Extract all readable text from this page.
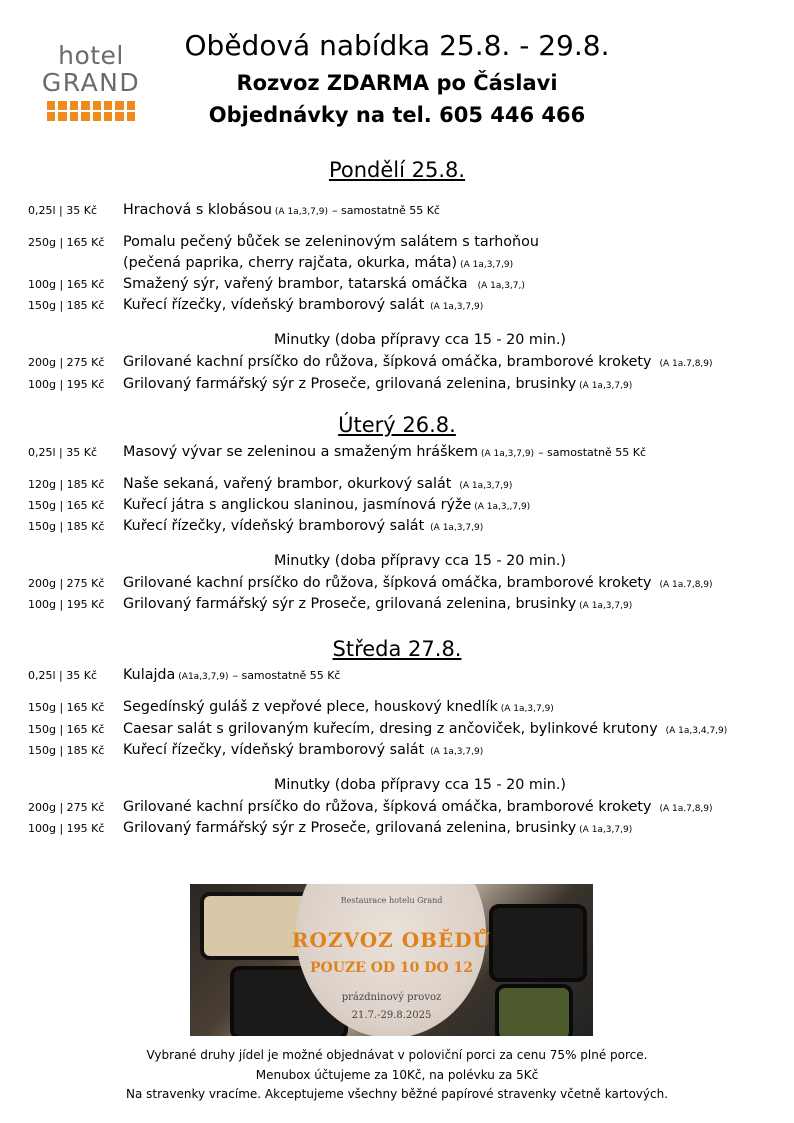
hotel
GRAND
Obědová nabídka 25.8. - 29.8.
Rozvoz ZDARMA po Čáslavi
Objednávky na tel. 605 446 466
Pondělí 25.8.
0,25l | 35 Kč Hrachová s klobásou (A 1a,3,7,9) – samostatně 55 Kč
250g | 165 Kč Pomalu pečený bůček se zeleninovým salátem s tarhoňou
(pečená paprika, cherry rajčata, okurka, máta) (A 1a,3,7,9)
100g | 165 Kč Smažený sýr, vařený brambor, tatarská omáčka (A 1a,3,7,)
150g | 185 Kč Kuřecí řízečky, vídeňský bramborový salát (A 1a,3,7,9)
Minutky (doba přípravy cca 15 - 20 min.)
200g | 275 Kč Grilované kachní prsíčko do růžova, šípková omáčka, bramborové krokety (A 1a.7,8,9)
100g | 195 Kč Grilovaný farmářský sýr z Proseče, grilovaná zelenina, brusinky (A 1a,3,7,9)
Úterý 26.8.
0,25l | 35 Kč Masový vývar se zeleninou a smaženým hráškem (A 1a,3,7,9) – samostatně 55 Kč
120g | 185 Kč Naše sekaná, vařený brambor, okurkový salát (A 1a,3,7,9)
150g | 165 Kč Kuřecí játra s anglickou slaninou, jasmínová rýže (A 1a,3,,7,9)
150g | 185 Kč Kuřecí řízečky, vídeňský bramborový salát (A 1a,3,7,9)
Minutky (doba přípravy cca 15 - 20 min.)
200g | 275 Kč Grilované kachní prsíčko do růžova, šípková omáčka, bramborové krokety (A 1a.7,8,9)
100g | 195 Kč Grilovaný farmářský sýr z Proseče, grilovaná zelenina, brusinky (A 1a,3,7,9)
Středa 27.8.
0,25l | 35 Kč Kulajda (A1a,3,7,9) – samostatně 55 Kč
150g | 165 Kč Segedínský guláš z vepřové plece, houskový knedlík (A 1a,3,7,9)
150g | 165 Kč Caesar salát s grilovaným kuřecím, dresing z ančoviček, bylinkové krutony (A 1a,3,4,7,9)
150g | 185 Kč Kuřecí řízečky, vídeňský bramborový salát (A 1a,3,7,9)
Minutky (doba přípravy cca 15 - 20 min.)
200g | 275 Kč Grilované kachní prsíčko do růžova, šípková omáčka, bramborové krokety (A 1a.7,8,9)
100g | 195 Kč Grilovaný farmářský sýr z Proseče, grilovaná zelenina, brusinky (A 1a,3,7,9)
Restaurace hotelu Grand
ROZVOZ OBĚDŮ
POUZE OD 10 DO 12
prázdninový provoz
21.7.-29.8.2025
Vybrané druhy jídel je možné objednávat v poloviční porci za cenu 75% plné porce.
Menubox účtujeme za 10Kč, na polévku za 5Kč
Na stravenky vracíme. Akceptujeme všechny běžné papírové stravenky včetně kartových.
